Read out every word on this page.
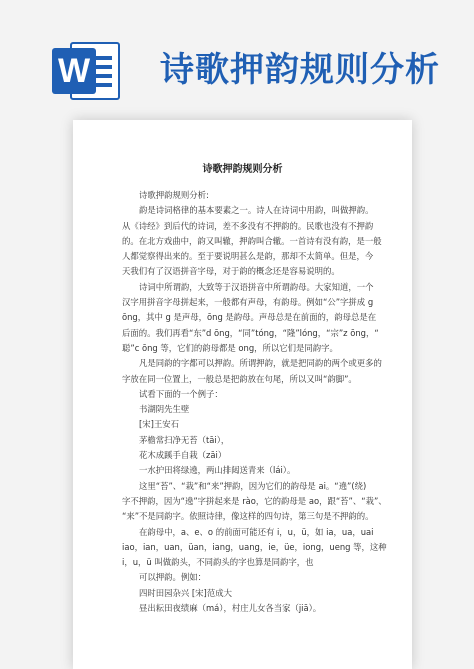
W 诗歌押韵规则分析
诗歌押韵规则分析

诗歌押韵规则分析:

韵是诗词格律的基本要素之一。诗人在诗词中用韵，叫做押韵。

从《诗经》到后代的诗词，差不多没有不押韵的。民歌也没有不押韵

的。在北方戏曲中，韵又叫辙，押韵叫合辙。一首诗有没有韵，是一般

人都觉察得出来的。至于要说明甚么是韵，那却不太简单。但是，今

天我们有了汉语拼音字母，对于韵的概念还是容易说明的。

诗词中所谓韵，大致等于汉语拼音中所谓韵母。大家知道，一个

汉字用拼音字母拼起来，一般都有声母，有韵母。例如“公”字拼成 g

ōng，其中 g 是声母，ōng 是韵母。声母总是在前面的，韵母总是在

后面的。我们再看“东”d ōng，“同”tóng，“隆”lóng，“宗”z ōng，“

聪”c ōng 等，它们的韵母都是 ong，所以它们是同韵字。

凡是同韵的字都可以押韵。所谓押韵，就是把同韵的两个或更多的

字放在同一位置上，一般总是把韵放在句尾，所以又叫“韵脚”。

试看下面的一个例子：

书湖阴先生壁

[宋]王安石

茅檐常扫净无苔（tāi），

花木成蹊手自栽（zāi）

一水护田将绿遶，两山排闼送青来（lái）。

这里“苔”、“栽”和“来”押韵，因为它们的韵母是 ai。“遶”(绕)

字不押韵，因为“遶”字拼起来是 rào，它的韵母是 ao，跟“苔”、“栽”、

“来”不是同韵字。依照诗律，像这样的四句诗，第三句是不押韵的。

在韵母中，a、e、o 的前面可能还有 i，u，ü，如 ia，ua，uai

iao，ian，uan，üan，iang，uang，ie，üe，iong，ueng 等，这种

i，u，ü 叫做韵头，不同韵头的字也算是同韵字，也

可以押韵。例如：

四时田园杂兴 [宋]范成大

昼出耘田夜绩麻（má），村庄儿女各当家（jiā）。
